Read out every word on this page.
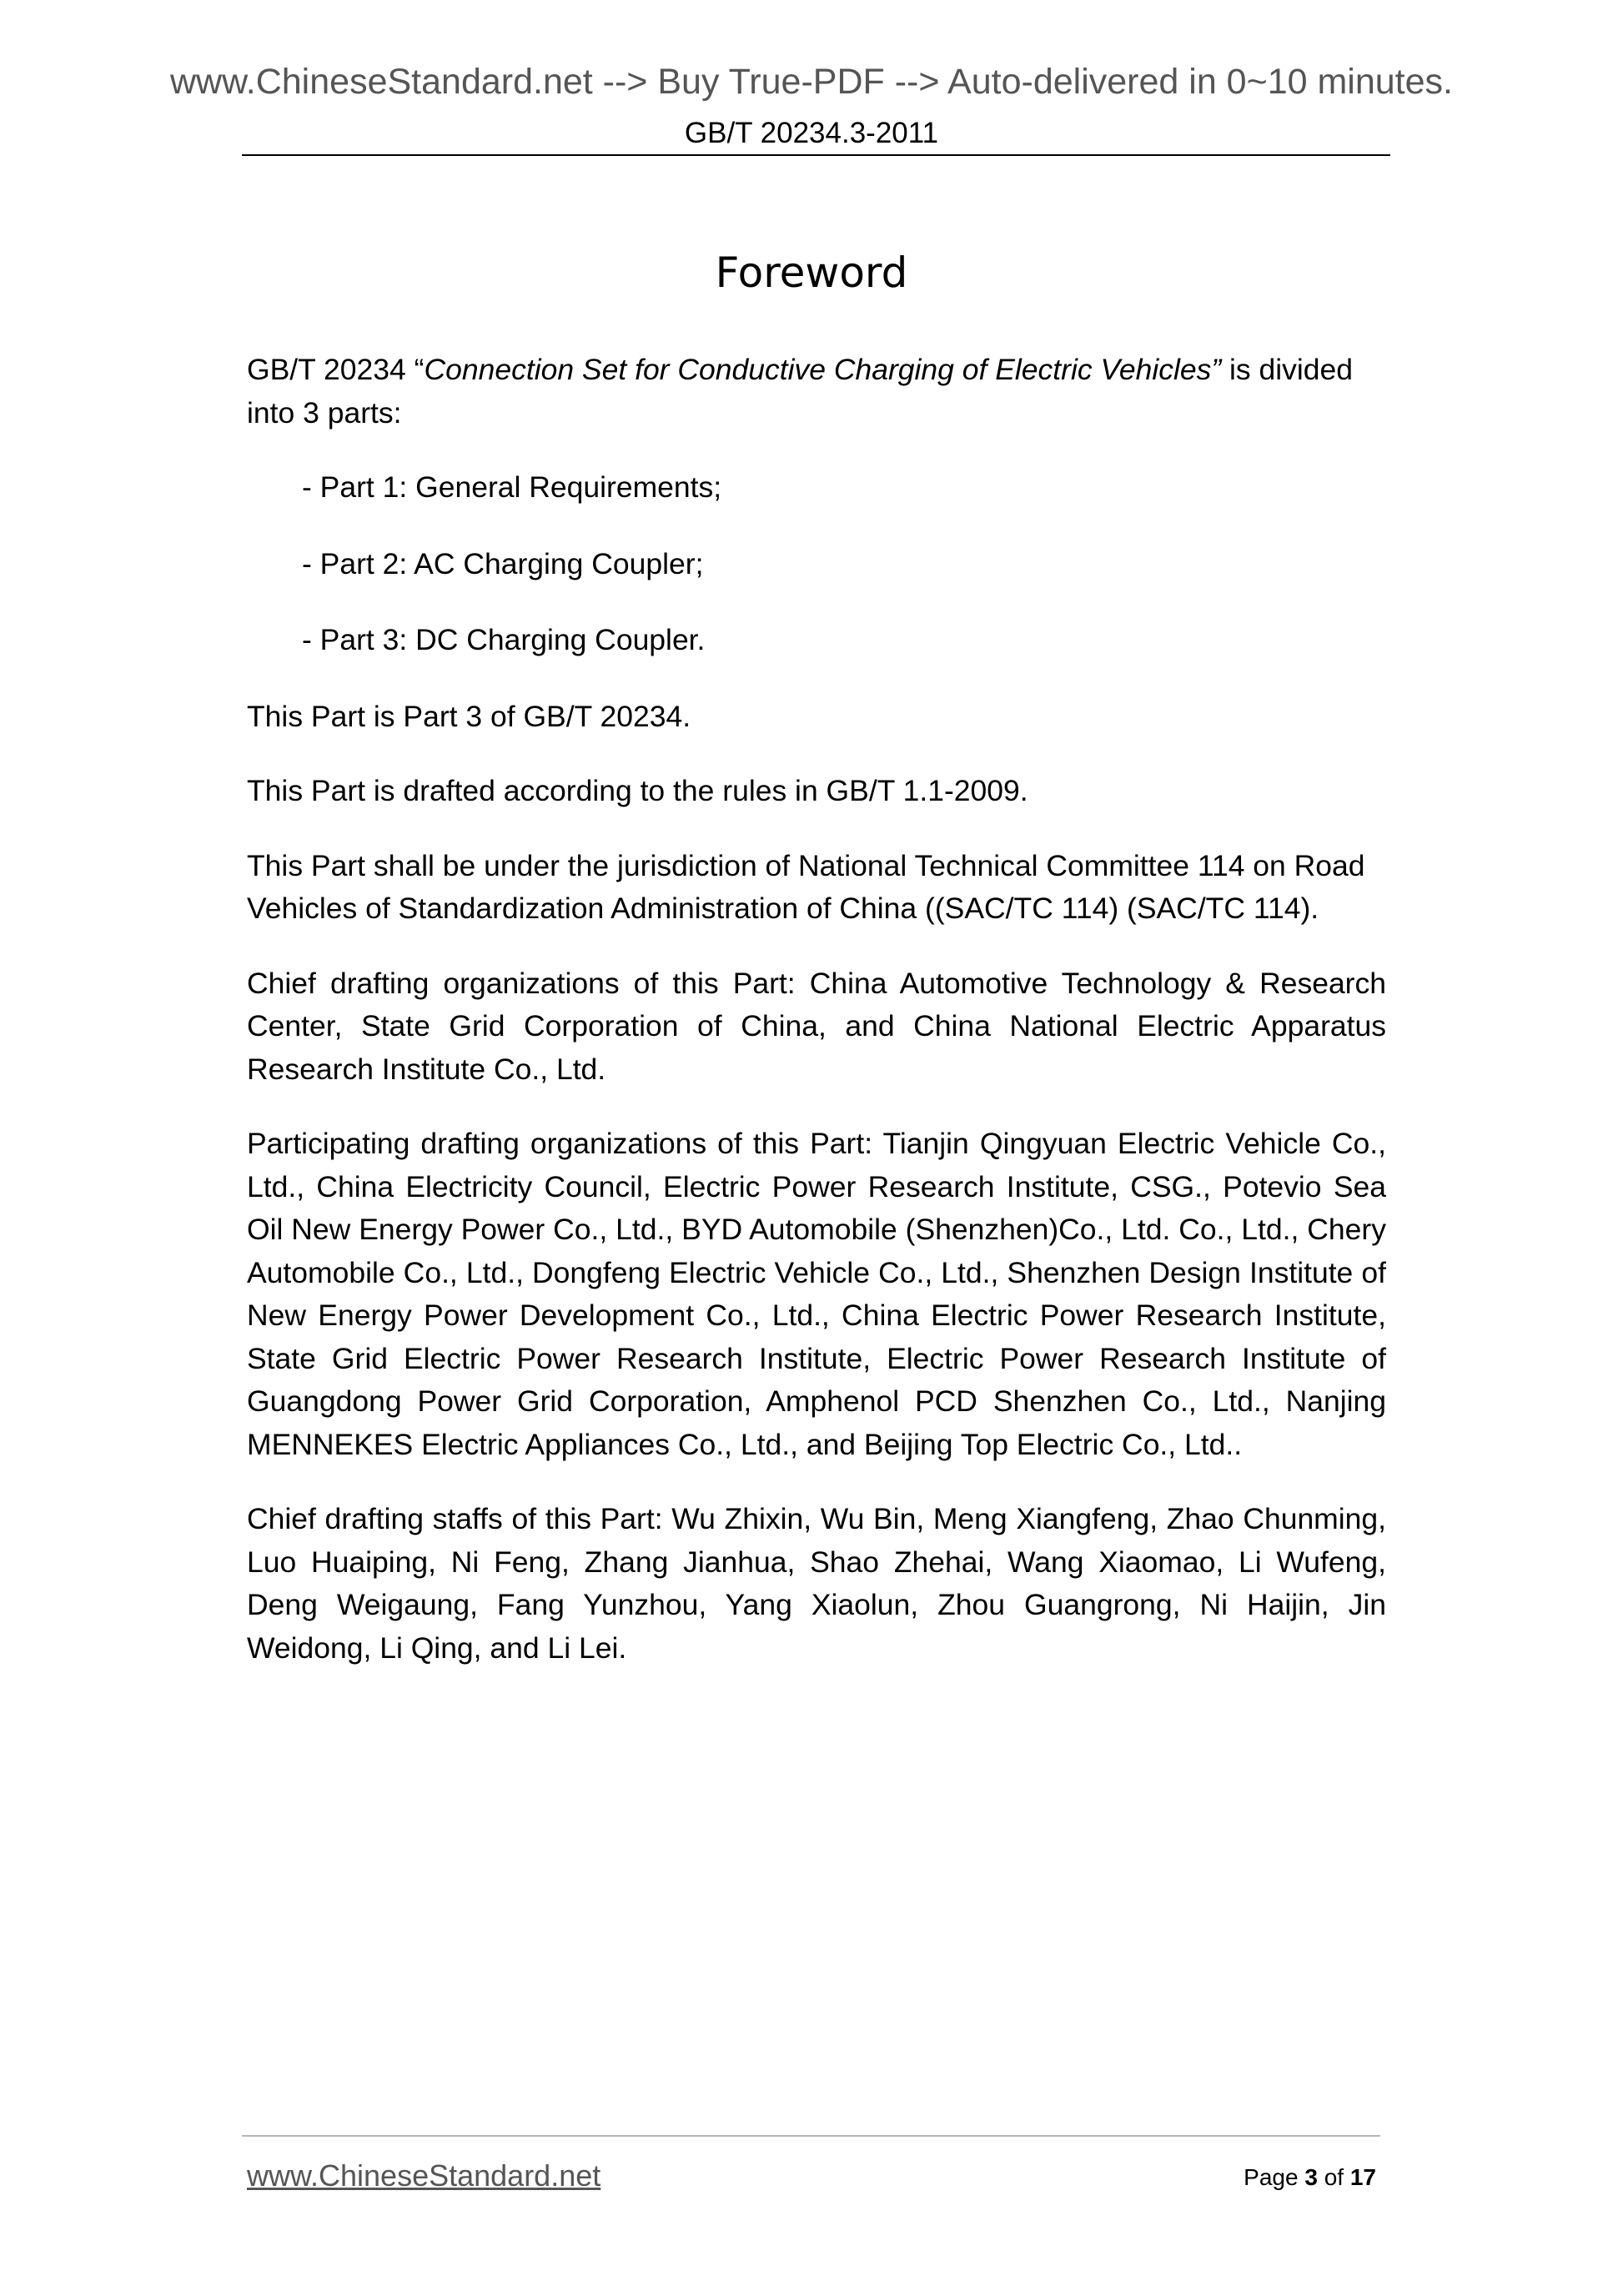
www.ChineseStandard.net --> Buy True-PDF --> Auto-delivered in 0~10 minutes.
GB/T 20234.3-2011
Foreword

GB/T 20234 “Connection Set for Conductive Charging of Electric Vehicles” is divided into 3 parts:

- Part 1: General Requirements;

- Part 2: AC Charging Coupler;

- Part 3: DC Charging Coupler.

This Part is Part 3 of GB/T 20234.

This Part is drafted according to the rules in GB/T 1.1-2009.

This Part shall be under the jurisdiction of National Technical Committee 114 on Road Vehicles of Standardization Administration of China ((SAC/TC 114) (SAC/TC 114).

Chief drafting organizations of this Part: China Automotive Technology & Research Center, State Grid Corporation of China, and China National Electric Apparatus Research Institute Co., Ltd.

Participating drafting organizations of this Part: Tianjin Qingyuan Electric Vehicle Co., Ltd., China Electricity Council, Electric Power Research Institute, CSG., Potevio Sea Oil New Energy Power Co., Ltd., BYD Automobile (Shenzhen)Co., Ltd. Co., Ltd., Chery Automobile Co., Ltd., Dongfeng Electric Vehicle Co., Ltd., Shenzhen Design Institute of New Energy Power Development Co., Ltd., China Electric Power Research Institute, State Grid Electric Power Research Institute, Electric Power Research Institute of Guangdong Power Grid Corporation, Amphenol PCD Shenzhen Co., Ltd., Nanjing MENNEKES Electric Appliances Co., Ltd., and Beijing Top Electric Co., Ltd..

Chief drafting staffs of this Part: Wu Zhixin, Wu Bin, Meng Xiangfeng, Zhao Chunming, Luo Huaiping, Ni Feng, Zhang Jianhua, Shao Zhehai, Wang Xiaomao, Li Wufeng, Deng Weigaung, Fang Yunzhou, Yang Xiaolun, Zhou Guangrong, Ni Haijin, Jin Weidong, Li Qing, and Li Lei.

www.ChineseStandard.net	Page 3 of 17
